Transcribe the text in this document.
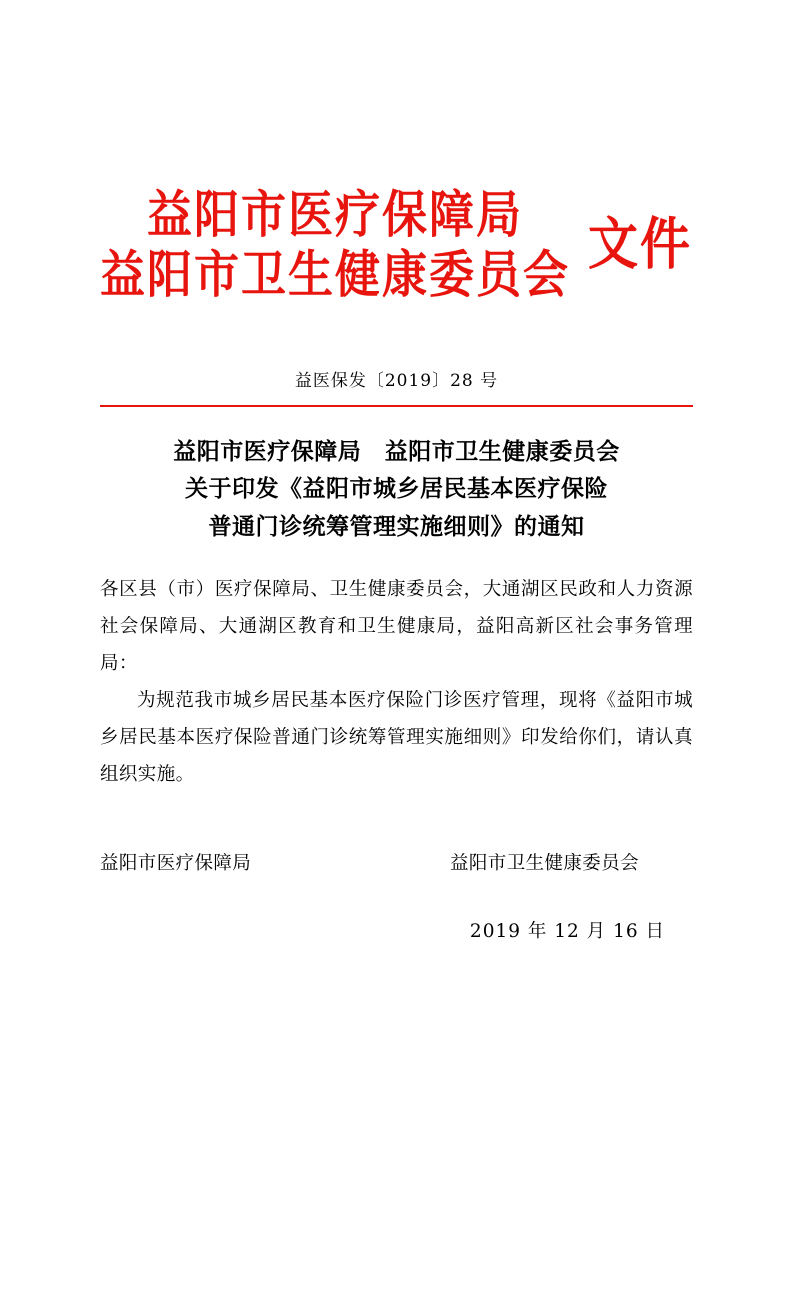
益阳市医疗保障局
益阳市卫生健康委员会 文件
益医保发〔2019〕28 号
益阳市医疗保障局　益阳市卫生健康委员会
关于印发《益阳市城乡居民基本医疗保险
普通门诊统筹管理实施细则》的通知
各区县（市）医疗保障局、卫生健康委员会，大通湖区民政和人力资源社会保障局、大通湖区教育和卫生健康局，益阳高新区社会事务管理局：
为规范我市城乡居民基本医疗保险门诊医疗管理，现将《益阳市城乡居民基本医疗保险普通门诊统筹管理实施细则》印发给你们，请认真组织实施。
益阳市医疗保障局	益阳市卫生健康委员会
2019 年 12 月 16 日
